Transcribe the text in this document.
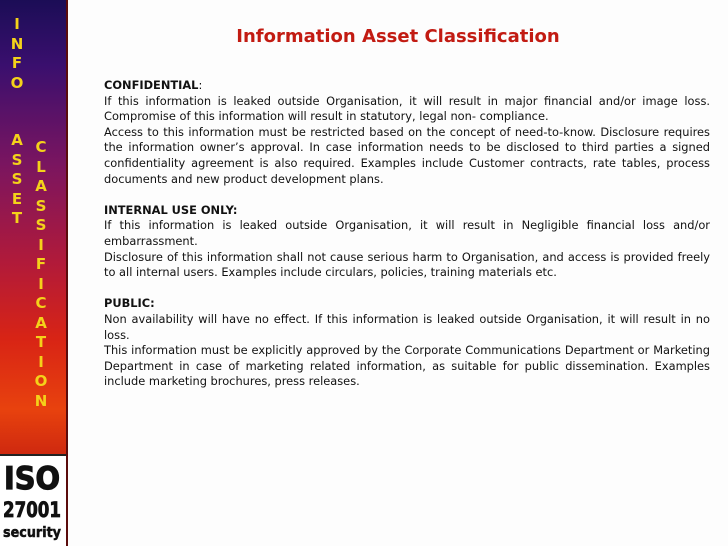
I
N
F
O
A
S
S
E
T
C
L
A
S
S
I
F
I
C
A
T
I
O
N
ISO
27001
security
Information Asset Classification
CONFIDENTIAL:
If this information is leaked outside Organisation, it will result in major financial and/or image loss. Compromise of this information will result in statutory, legal non- compliance.
Access to this information must be restricted based on the concept of need-to-know. Disclosure requires the information owner’s approval. In case information needs to be disclosed to third parties a signed confidentiality agreement is also required. Examples include Customer contracts, rate tables, process documents and new product development plans.
INTERNAL USE ONLY:
If this information is leaked outside Organisation, it will result in Negligible financial loss and/or embarrassment.
Disclosure of this information shall not cause serious harm to Organisation, and access is provided freely to all internal users. Examples include circulars, policies, training materials etc.
PUBLIC:
Non availability will have no effect. If this information is leaked outside Organisation, it will result in no loss.
This information must be explicitly approved by the Corporate Communications Department or Marketing Department in case of marketing related information, as suitable for public dissemination. Examples include marketing brochures, press releases.
